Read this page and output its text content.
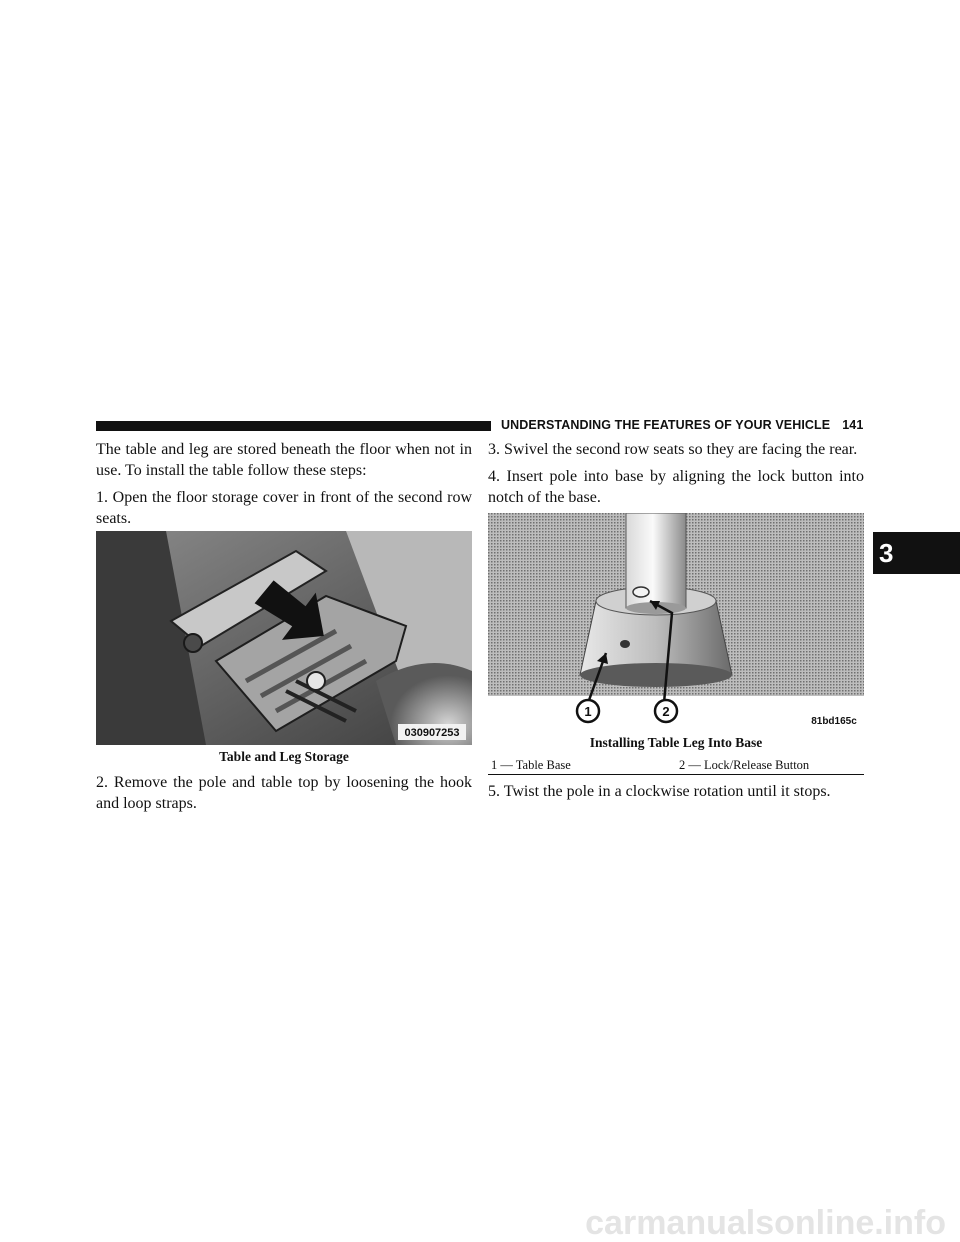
UNDERSTANDING THE FEATURES OF YOUR VEHICLE 141
3
The table and leg are stored beneath the floor when not in use. To install the table follow these steps:
1. Open the floor storage cover in front of the second row seats.
030907253
Table and Leg Storage
2. Remove the pole and table top by loosening the hook and loop straps.
3. Swivel the second row seats so they are facing the rear.
4. Insert pole into base by aligning the lock button into notch of the base.
1	2
81bd165c
Installing Table Leg Into Base
1 — Table Base	2 — Lock/Release Button
5. Twist the pole in a clockwise rotation until it stops.
carmanualsonline.info
